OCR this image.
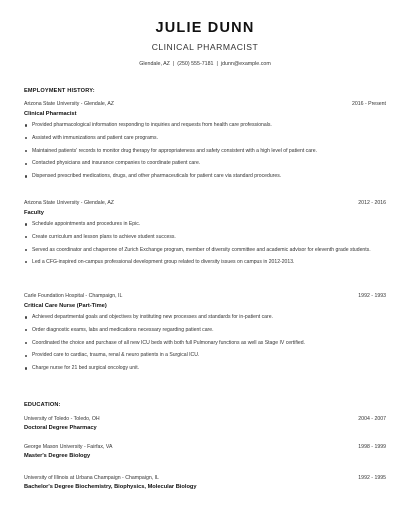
JULIE DUNN
CLINICAL PHARMACIST
Glendale, AZ | (250) 555-7181 | jdunn@example.com
EMPLOYMENT HISTORY:
Arizona State University - Glendale, AZ	2016 - Present
Clinical Pharmacist
Provided pharmacological information responding to inquiries and requests from health care professionals.
Assisted with immunizations and patient care programs.
Maintained patients' records to monitor drug therapy for appropriateness and safety consistent with a high level of patient care.
Contacted physicians and insurance companies to coordinate patient care.
Dispensed prescribed medications, drugs, and other pharmaceuticals for patient care via standard procedures.
Arizona State University - Glendale, AZ	2012 - 2016
Faculty
Schedule appointments and procedures in Epic.
Create curriculum and lesson plans to achieve student success.
Served as coordinator and chaperone of Zurich Exchange program, member of diversity committee and academic advisor for eleventh grade students.
Led a CFG-inspired on-campus professional development group related to diversity issues on campus in 2012-2013.
Carle Foundation Hospital - Champaign, IL	1992 - 1993
Critical Care Nurse (Part-Time)
Achieved departmental goals and objectives by instituting new processes and standards for in-patient care.
Order diagnostic exams, labs and medications necessary regarding patient care.
Coordinated the choice and purchase of all new ICU beds with both full Pulmonary functions as well as Stage IV certified.
Provided care to cardiac, trauma, renal & neuro patients in a Surgical ICU.
Charge nurse for 21 bed surgical oncology unit.
EDUCATION:
University of Toledo - Toledo, OH	2004 - 2007
Doctoral Degree Pharmacy
George Mason University - Fairfax, VA	1998 - 1999
Master's Degree Biology
University of Illinois at Urbana Champaign - Champaign, IL	1992 - 1995
Bachelor's Degree Biochemistry, Biophysics, Molecular Biology
